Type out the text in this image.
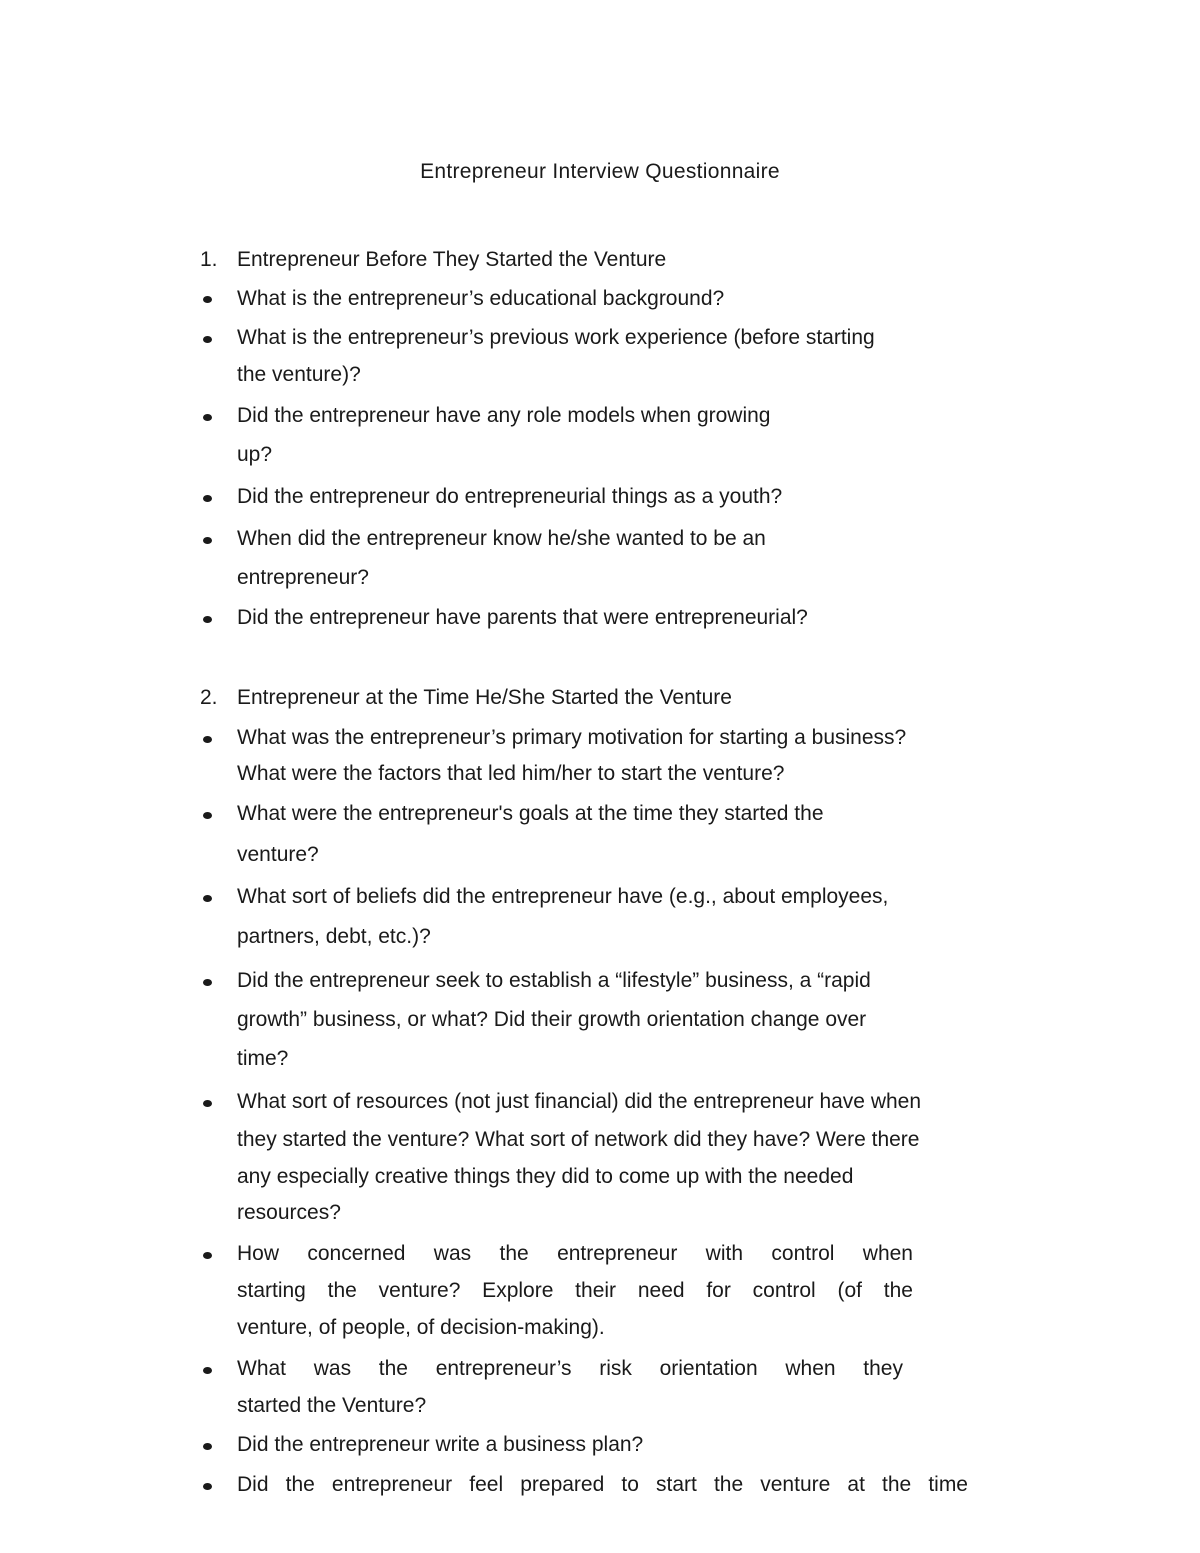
Entrepreneur Interview Questionnaire
1. Entrepreneur Before They Started the Venture
What is the entrepreneur’s educational background?
What is the entrepreneur’s previous work experience (before starting
the venture)?
Did the entrepreneur have any role models when growing
up?
Did the entrepreneur do entrepreneurial things as a youth?
When did the entrepreneur know he/she wanted to be an
entrepreneur?
Did the entrepreneur have parents that were entrepreneurial?
2. Entrepreneur at the Time He/She Started the Venture
What was the entrepreneur’s primary motivation for starting a business?
What were the factors that led him/her to start the venture?
What were the entrepreneur's goals at the time they started the
venture?
What sort of beliefs did the entrepreneur have (e.g., about employees,
partners, debt, etc.)?
Did the entrepreneur seek to establish a “lifestyle” business, a “rapid
growth” business, or what? Did their growth orientation change over
time?
What sort of resources (not just financial) did the entrepreneur have when
they started the venture? What sort of network did they have? Were there
any especially creative things they did to come up with the needed
resources?
How concerned was the entrepreneur with control when
starting the venture? Explore their need for control (of the
venture, of people, of decision-making).
What was the entrepreneur’s risk orientation when they
started the Venture?
Did the entrepreneur write a business plan?
Did the entrepreneur feel prepared to start the venture at the time
